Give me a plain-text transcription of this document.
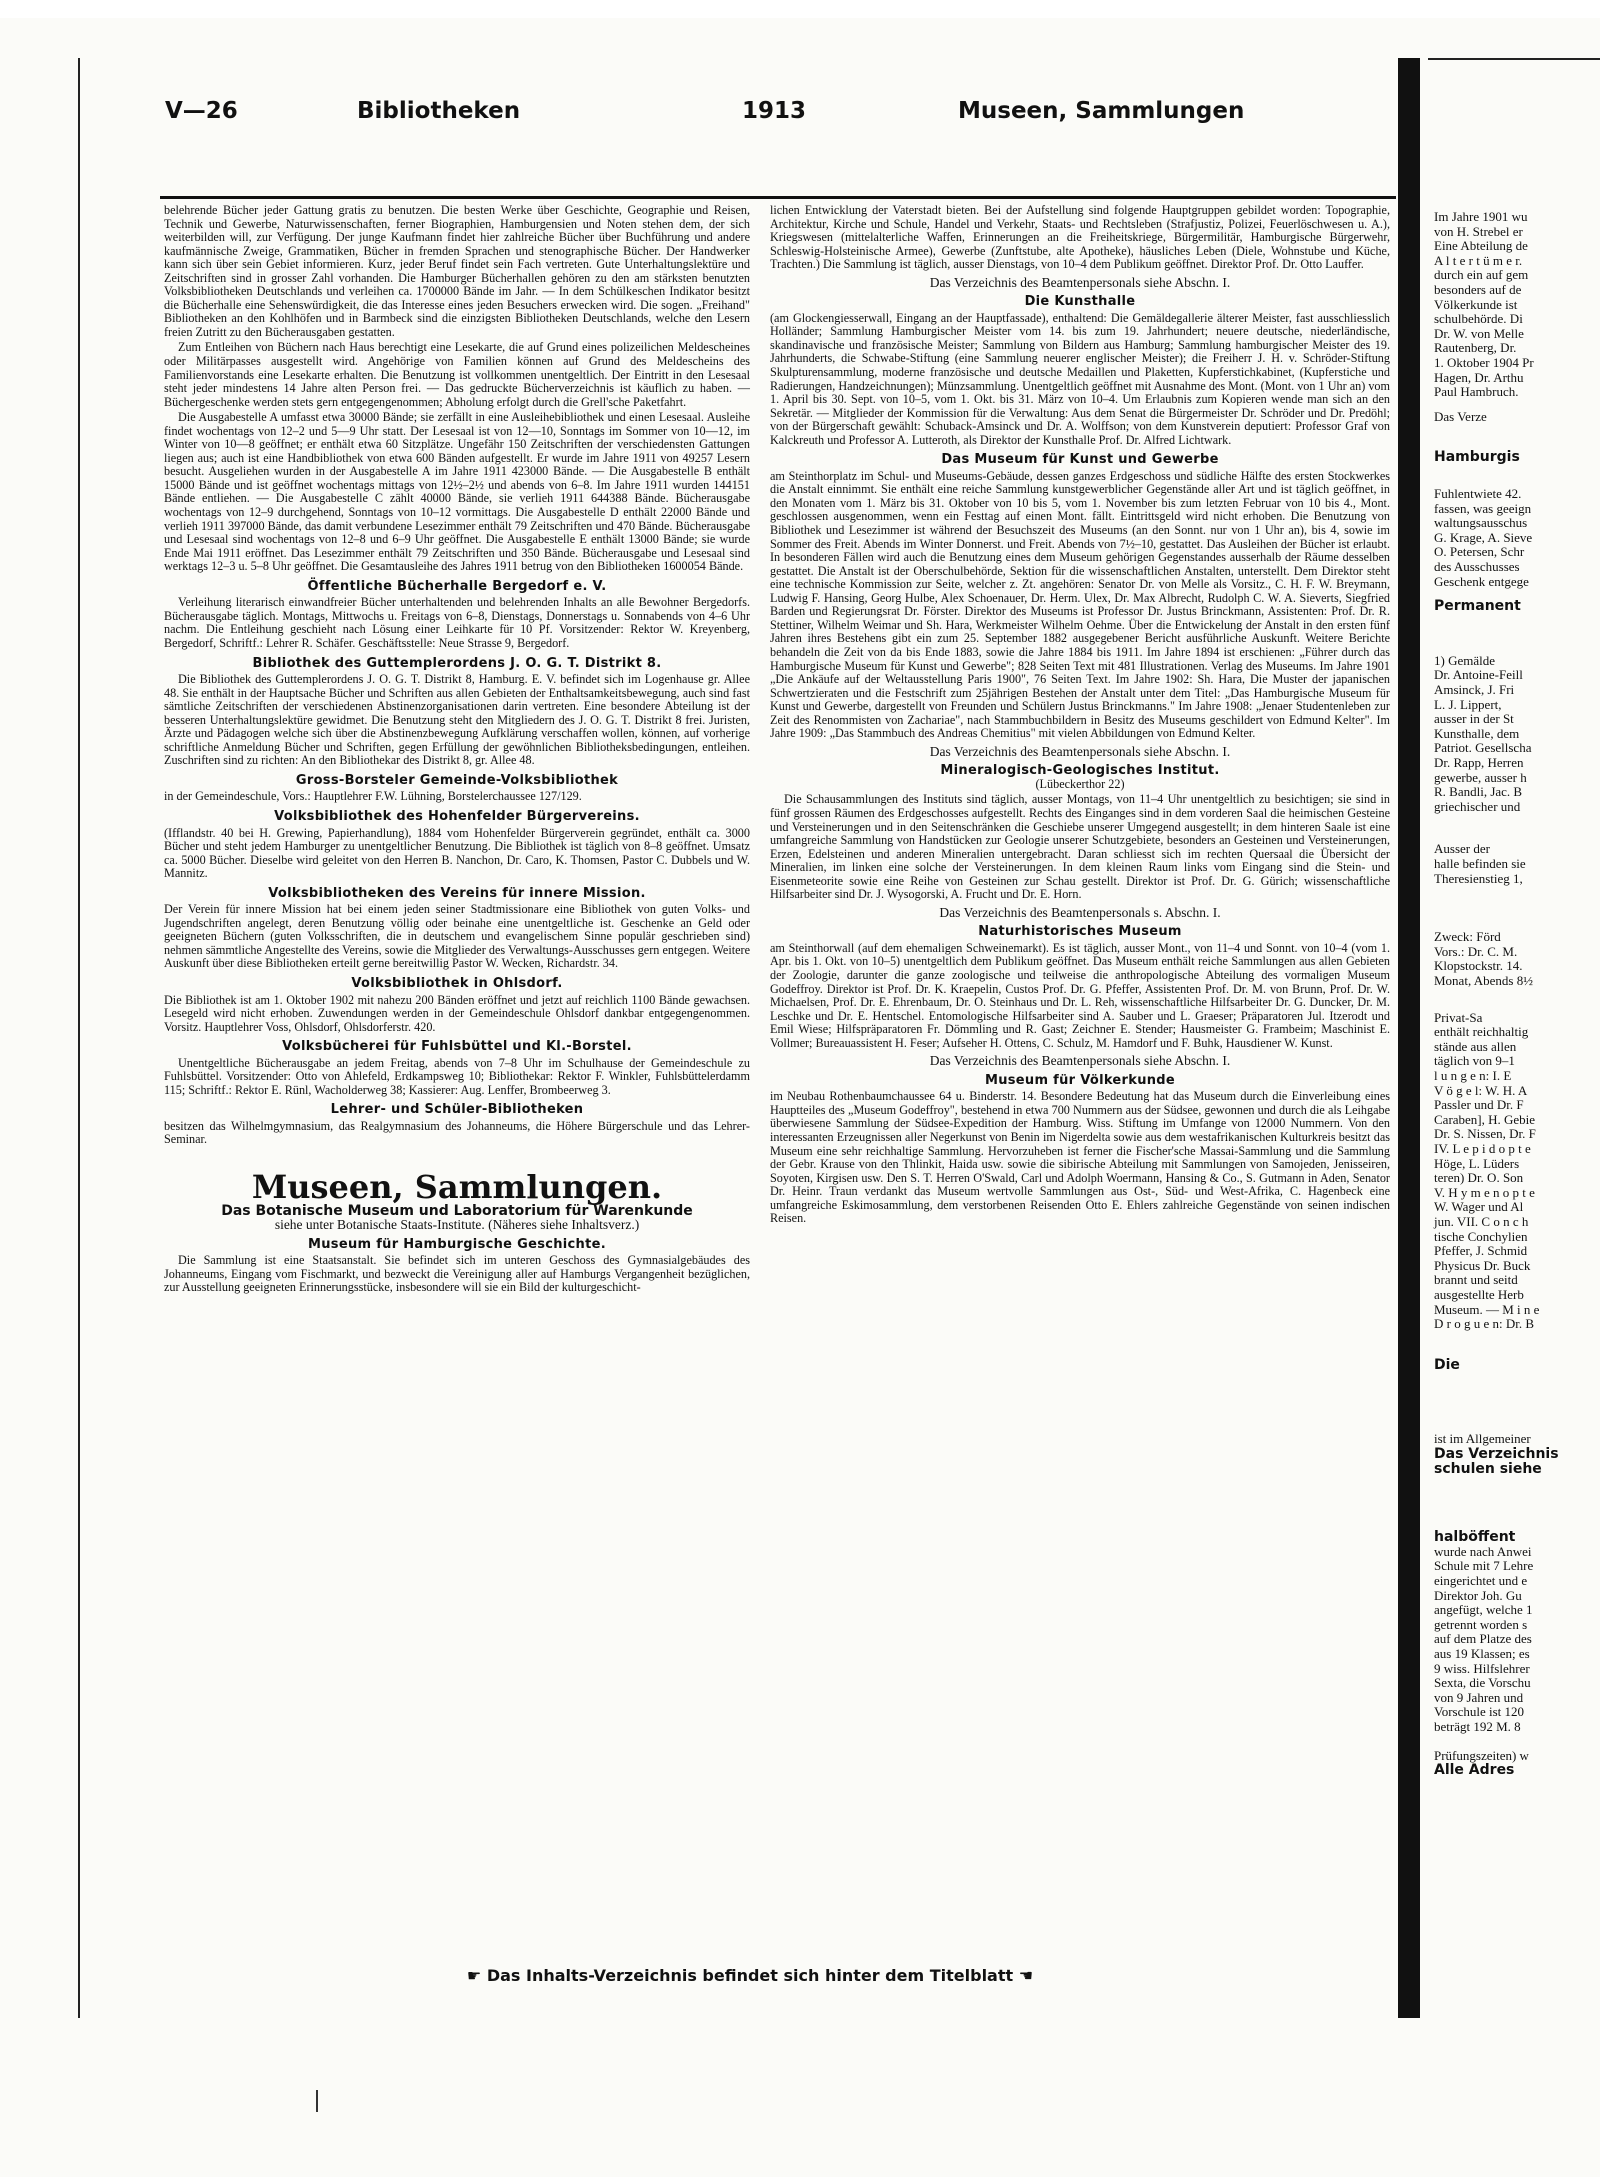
V—26	Bibliotheken	1913	Museen, Sammlungen

belehrende Bücher jeder Gattung gratis zu benutzen. Die besten Werke über Geschichte, Geographie und Reisen, Technik und Gewerbe, Naturwissenschaften, ferner Biographien, Hamburgensien und Noten stehen dem, der sich weiterbilden will, zur Verfügung. Der junge Kaufmann findet hier zahlreiche Bücher über Buchführung und andere kaufmännische Zweige, Grammatiken, Bücher in fremden Sprachen und stenographische Bücher. Der Handwerker kann sich über sein Gebiet informieren. Kurz, jeder Beruf findet sein Fach vertreten. Gute Unterhaltungslektüre und Zeitschriften sind in grosser Zahl vorhanden. Die Hamburger Bücherhallen gehören zu den am stärksten benutzten Volksbibliotheken Deutschlands und verleihen ca. 1700000 Bände im Jahr. — In dem Schülkeschen Indikator besitzt die Bücherhalle eine Sehenswürdigkeit, die das Interesse eines jeden Besuchers erwecken wird. Die sogen. „Freihand" Bibliotheken an den Kohlhöfen und in Barmbeck sind die einzigsten Bibliotheken Deutschlands, welche den Lesern freien Zutritt zu den Bücherausgaben gestatten.

Zum Entleihen von Büchern nach Haus berechtigt eine Lesekarte, die auf Grund eines polizeilichen Meldescheines oder Militärpasses ausgestellt wird. Angehörige von Familien können auf Grund des Meldescheins des Familienvorstands eine Lesekarte erhalten. Die Benutzung ist vollkommen unentgeltlich. Der Eintritt in den Lesesaal steht jeder mindestens 14 Jahre alten Person frei. — Das gedruckte Bücherverzeichnis ist käuflich zu haben. — Büchergeschenke werden stets gern entgegengenommen; Abholung erfolgt durch die Grell'sche Paketfahrt.

Die Ausgabestelle A umfasst etwa 30000 Bände; sie zerfällt in eine Ausleihebibliothek und einen Lesesaal. Ausleihe findet wochentags von 12–2 und 5—9 Uhr statt. Der Lesesaal ist von 12—10, Sonntags im Sommer von 10—12, im Winter von 10—8 geöffnet; er enthält etwa 60 Sitzplätze. Ungefähr 150 Zeitschriften der verschiedensten Gattungen liegen aus; auch ist eine Handbibliothek von etwa 600 Bänden aufgestellt. Er wurde im Jahre 1911 von 49257 Lesern besucht. Ausgeliehen wurden in der Ausgabestelle A im Jahre 1911 423000 Bände. — Die Ausgabestelle B enthält 15000 Bände und ist geöffnet wochentags mittags von 12½–2½ und abends von 6–8. Im Jahre 1911 wurden 144151 Bände entliehen. — Die Ausgabestelle C zählt 40000 Bände, sie verlieh 1911 644388 Bände. Bücherausgabe wochentags von 12–9 durchgehend, Sonntags von 10–12 vormittags. Die Ausgabestelle D enthält 22000 Bände und verlieh 1911 397000 Bände, das damit verbundene Lesezimmer enthält 79 Zeitschriften und 470 Bände. Bücherausgabe und Lesesaal sind wochentags von 12–8 und 6–9 Uhr geöffnet. Die Ausgabestelle E enthält 13000 Bände; sie wurde Ende Mai 1911 eröffnet. Das Lesezimmer enthält 79 Zeitschriften und 350 Bände. Bücherausgabe und Lesesaal sind werktags 12–3 u. 5–8 Uhr geöffnet. Die Gesamtausleihe des Jahres 1911 betrug von den Bibliotheken 1600054 Bände.

Öffentliche Bücherhalle Bergedorf e. V.

Verleihung literarisch einwandfreier Bücher unterhaltenden und belehrenden Inhalts an alle Bewohner Bergedorfs. Bücherausgabe täglich. Montags, Mittwochs u. Freitags von 6–8, Dienstags, Donnerstags u. Sonnabends von 4–6 Uhr nachm. Die Entleihung geschieht nach Lösung einer Leihkarte für 10 Pf. Vorsitzender: Rektor W. Kreyenberg, Bergedorf, Schriftf.: Lehrer R. Schäfer. Geschäftsstelle: Neue Strasse 9, Bergedorf.

Bibliothek des Guttemplerordens J. O. G. T. Distrikt 8.

Die Bibliothek des Guttemplerordens J. O. G. T. Distrikt 8, Hamburg. E. V. befindet sich im Logenhause gr. Allee 48. Sie enthält in der Hauptsache Bücher und Schriften aus allen Gebieten der Enthaltsamkeitsbewegung, auch sind fast sämtliche Zeitschriften der verschiedenen Abstinenzorganisationen darin vertreten. Eine besondere Abteilung ist der besseren Unterhaltungslektüre gewidmet. Die Benutzung steht den Mitgliedern des J. O. G. T. Distrikt 8 frei. Juristen, Ärzte und Pädagogen welche sich über die Abstinenzbewegung Aufklärung verschaffen wollen, können, auf vorherige schriftliche Anmeldung Bücher und Schriften, gegen Erfüllung der gewöhnlichen Bibliotheksbedingungen, entleihen. Zuschriften sind zu richten: An den Bibliothekar des Distrikt 8, gr. Allee 48.

Gross-Borsteler Gemeinde-Volksbibliothek

in der Gemeindeschule, Vors.: Hauptlehrer F.W. Lühning, Borstelerchaussee 127/129.

Volksbibliothek des Hohenfelder Bürgervereins.

(Ifflandstr. 40 bei H. Grewing, Papierhandlung), 1884 vom Hohenfelder Bürgerverein gegründet, enthält ca. 3000 Bücher und steht jedem Hamburger zu unentgeltlicher Benutzung. Die Bibliothek ist täglich von 8–8 geöffnet. Umsatz ca. 5000 Bücher. Dieselbe wird geleitet von den Herren B. Nanchon, Dr. Caro, K. Thomsen, Pastor C. Dubbels und W. Mannitz.

Volksbibliotheken des Vereins für innere Mission.

Der Verein für innere Mission hat bei einem jeden seiner Stadtmissionare eine Bibliothek von guten Volks- und Jugendschriften angelegt, deren Benutzung völlig oder beinahe eine unentgeltliche ist. Geschenke an Geld oder geeigneten Büchern (guten Volksschriften, die in deutschem und evangelischem Sinne populär geschrieben sind) nehmen sämmtliche Angestellte des Vereins, sowie die Mitglieder des Verwaltungs-Ausschusses gern entgegen. Weitere Auskunft über diese Bibliotheken erteilt gerne bereitwillig Pastor W. Wecken, Richardstr. 34.

Volksbibliothek in Ohlsdorf.

Die Bibliothek ist am 1. Oktober 1902 mit nahezu 200 Bänden eröffnet und jetzt auf reichlich 1100 Bände gewachsen. Lesegeld wird nicht erhoben. Zuwendungen werden in der Gemeindeschule Ohlsdorf dankbar entgegengenommen. Vorsitz. Hauptlehrer Voss, Ohlsdorf, Ohlsdorferstr. 420.

Volksbücherei für Fuhlsbüttel und Kl.-Borstel.

Unentgeltliche Bücherausgabe an jedem Freitag, abends von 7–8 Uhr im Schulhause der Gemeindeschule zu Fuhlsbüttel. Vorsitzender: Otto von Ahlefeld, Erdkampsweg 10; Bibliothekar: Rektor F. Winkler, Fuhlsbüttelerdamm 115; Schriftf.: Rektor E. Rünl, Wacholderweg 38; Kassierer: Aug. Lenffer, Brombeerweg 3.

Lehrer- und Schüler-Bibliotheken

besitzen das Wilhelmgymnasium, das Realgymnasium des Johanneums, die Höhere Bürgerschule und das Lehrer-Seminar.

Museen, Sammlungen.
Das Botanische Museum und Laboratorium für Warenkunde

siehe unter Botanische Staats-Institute. (Näheres siehe Inhaltsverz.)

Museum für Hamburgische Geschichte.

Die Sammlung ist eine Staatsanstalt. Sie befindet sich im unteren Geschoss des Gymnasialgebäudes des Johanneums, Eingang vom Fischmarkt, und bezweckt die Vereinigung aller auf Hamburgs Vergangenheit bezüglichen, zur Ausstellung geeigneten Erinnerungsstücke, insbesondere will sie ein Bild der kulturgeschicht-

lichen Entwicklung der Vaterstadt bieten. Bei der Aufstellung sind folgende Hauptgruppen gebildet worden: Topographie, Architektur, Kirche und Schule, Handel und Verkehr, Staats- und Rechtsleben (Strafjustiz, Polizei, Feuerlöschwesen u. A.), Kriegswesen (mittelalterliche Waffen, Erinnerungen an die Freiheitskriege, Bürgermilitär, Hamburgische Bürgerwehr, Schleswig-Holsteinische Armee), Gewerbe (Zunftstube, alte Apotheke), häusliches Leben (Diele, Wohnstube und Küche, Trachten.) Die Sammlung ist täglich, ausser Dienstags, von 10–4 dem Publikum geöffnet. Direktor Prof. Dr. Otto Lauffer.

Das Verzeichnis des Beamtenpersonals siehe Abschn. I.
Die Kunsthalle

(am Glockengiesserwall, Eingang an der Hauptfassade), enthaltend: Die Gemäldegallerie älterer Meister, fast ausschliesslich Holländer; Sammlung Hamburgischer Meister vom 14. bis zum 19. Jahrhundert; neuere deutsche, niederländische, skandinavische und französische Meister; Sammlung von Bildern aus Hamburg; Sammlung hamburgischer Meister des 19. Jahrhunderts, die Schwabe-Stiftung (eine Sammlung neuerer englischer Meister); die Freiherr J. H. v. Schröder-Stiftung Skulpturensammlung, moderne französische und deutsche Medaillen und Plaketten, Kupferstichkabinet, (Kupferstiche und Radierungen, Handzeichnungen); Münzsammlung. Unentgeltlich geöffnet mit Ausnahme des Mont. (Mont. von 1 Uhr an) vom 1. April bis 30. Sept. von 10–5, vom 1. Okt. bis 31. März von 10–4. Um Erlaubnis zum Kopieren wende man sich an den Sekretär. — Mitglieder der Kommission für die Verwaltung: Aus dem Senat die Bürgermeister Dr. Schröder und Dr. Predöhl; von der Bürgerschaft gewählt: Schuback-Amsinck und Dr. A. Wolffson; von dem Kunstverein deputiert: Professor Graf von Kalckreuth und Professor A. Lutteroth, als Direktor der Kunsthalle Prof. Dr. Alfred Lichtwark.

Das Museum für Kunst und Gewerbe

am Steinthorplatz im Schul- und Museums-Gebäude, dessen ganzes Erdgeschoss und südliche Hälfte des ersten Stockwerkes die Anstalt einnimmt. Sie enthält eine reiche Sammlung kunstgewerblicher Gegenstände aller Art und ist täglich geöffnet, in den Monaten vom 1. März bis 31. Oktober von 10 bis 5, vom 1. November bis zum letzten Februar von 10 bis 4., Mont. geschlossen ausgenommen, wenn ein Festtag auf einen Mont. fällt. Eintrittsgeld wird nicht erhoben. Die Benutzung von Bibliothek und Lesezimmer ist während der Besuchszeit des Museums (an den Sonnt. nur von 1 Uhr an), bis 4, sowie im Sommer des Freit. Abends im Winter Donnerst. und Freit. Abends von 7½–10, gestattet. Das Ausleihen der Bücher ist erlaubt. In besonderen Fällen wird auch die Benutzung eines dem Museum gehörigen Gegenstandes ausserhalb der Räume desselben gestattet. Die Anstalt ist der Oberschulbehörde, Sektion für die wissenschaftlichen Anstalten, unterstellt. Dem Direktor steht eine technische Kommission zur Seite, welcher z. Zt. angehören: Senator Dr. von Melle als Vorsitz., C. H. F. W. Breymann, Ludwig F. Hansing, Georg Hulbe, Alex Schoenauer, Dr. Herm. Ulex, Dr. Max Albrecht, Rudolph C. W. A. Sieverts, Siegfried Barden und Regierungsrat Dr. Förster. Direktor des Museums ist Professor Dr. Justus Brinckmann, Assistenten: Prof. Dr. R. Stettiner, Wilhelm Weimar und Sh. Hara, Werkmeister Wilhelm Oehme. Über die Entwickelung der Anstalt in den ersten fünf Jahren ihres Bestehens gibt ein zum 25. September 1882 ausgegebener Bericht ausführliche Auskunft. Weitere Berichte behandeln die Zeit von da bis Ende 1883, sowie die Jahre 1884 bis 1911. Im Jahre 1894 ist erschienen: „Führer durch das Hamburgische Museum für Kunst und Gewerbe"; 828 Seiten Text mit 481 Illustrationen. Verlag des Museums. Im Jahre 1901 „Die Ankäufe auf der Weltausstellung Paris 1900", 76 Seiten Text. Im Jahre 1902: Sh. Hara, Die Muster der japanischen Schwertzieraten und die Festschrift zum 25jährigen Bestehen der Anstalt unter dem Titel: „Das Hamburgische Museum für Kunst und Gewerbe, dargestellt von Freunden und Schülern Justus Brinckmanns." Im Jahre 1908: „Jenaer Studentenleben zur Zeit des Renommisten von Zachariae", nach Stammbuchbildern in Besitz des Museums geschildert von Edmund Kelter". Im Jahre 1909: „Das Stammbuch des Andreas Chemitius" mit vielen Abbildungen von Edmund Kelter.

Das Verzeichnis des Beamtenpersonals siehe Abschn. I.
Mineralogisch-Geologisches Institut.

(Lübeckerthor 22)

Die Schausammlungen des Instituts sind täglich, ausser Montags, von 11–4 Uhr unentgeltlich zu besichtigen; sie sind in fünf grossen Räumen des Erdgeschosses aufgestellt. Rechts des Einganges sind in dem vorderen Saal die heimischen Gesteine und Versteinerungen und in den Seitenschränken die Geschiebe unserer Umgegend ausgestellt; in dem hinteren Saale ist eine umfangreiche Sammlung von Handstücken zur Geologie unserer Schutzgebiete, besonders an Gesteinen und Versteinerungen, Erzen, Edelsteinen und anderen Mineralien untergebracht. Daran schliesst sich im rechten Quersaal die Übersicht der Mineralien, im linken eine solche der Versteinerungen. In dem kleinen Raum links vom Eingang sind die Stein- und Eisenmeteorite sowie eine Reihe von Gesteinen zur Schau gestellt. Direktor ist Prof. Dr. G. Gürich; wissenschaftliche Hilfsarbeiter sind Dr. J. Wysogorski, A. Frucht und Dr. E. Horn.

Das Verzeichnis des Beamtenpersonals s. Abschn. I.
Naturhistorisches Museum

am Steinthorwall (auf dem ehemaligen Schweinemarkt). Es ist täglich, ausser Mont., von 11–4 und Sonnt. von 10–4 (vom 1. Apr. bis 1. Okt. von 10–5) unentgeltlich dem Publikum geöffnet. Das Museum enthält reiche Sammlungen aus allen Gebieten der Zoologie, darunter die ganze zoologische und teilweise die anthropologische Abteilung des vormaligen Museum Godeffroy. Direktor ist Prof. Dr. K. Kraepelin, Custos Prof. Dr. G. Pfeffer, Assistenten Prof. Dr. M. von Brunn, Prof. Dr. W. Michaelsen, Prof. Dr. E. Ehrenbaum, Dr. O. Steinhaus und Dr. L. Reh, wissenschaftliche Hilfsarbeiter Dr. G. Duncker, Dr. M. Leschke und Dr. E. Hentschel. Entomologische Hilfsarbeiter sind A. Sauber und L. Graeser; Präparatoren Jul. Itzerodt und Emil Wiese; Hilfspräparatoren Fr. Dömmling und R. Gast; Zeichner E. Stender; Hausmeister G. Frambeim; Maschinist E. Vollmer; Bureauassistent H. Feser; Aufseher H. Ottens, C. Schulz, M. Hamdorf und F. Buhk, Hausdiener W. Kunst.

Das Verzeichnis des Beamtenpersonals siehe Abschn. I.
Museum für Völkerkunde

im Neubau Rothenbaumchaussee 64 u. Binderstr. 14. Besondere Bedeutung hat das Museum durch die Einverleibung eines Hauptteiles des „Museum Godeffroy", bestehend in etwa 700 Nummern aus der Südsee, gewonnen und durch die als Leihgabe überwiesene Sammlung der Südsee-Expedition der Hamburg. Wiss. Stiftung im Umfange von 12000 Nummern. Von den interessanten Erzeugnissen aller Negerkunst von Benin im Nigerdelta sowie aus dem westafrikanischen Kulturkreis besitzt das Museum eine sehr reichhaltige Sammlung. Hervorzuheben ist ferner die Fischer'sche Massai-Sammlung und die Sammlung der Gebr. Krause von den Thlinkit, Haida usw. sowie die sibirische Abteilung mit Sammlungen von Samojeden, Jenisseiren, Soyoten, Kirgisen usw. Den S. T. Herren O'Swald, Carl und Adolph Woermann, Hansing & Co., S. Gutmann in Aden, Senator Dr. Heinr. Traun verdankt das Museum wertvolle Sammlungen aus Ost-, Süd- und West-Afrika, C. Hagenbeck eine umfangreiche Eskimosammlung, dem verstorbenen Reisenden Otto E. Ehlers zahlreiche Gegenstände von seinen indischen Reisen.

☛ Das Inhalts-Verzeichnis befindet sich hinter dem Titelblatt ☚
Im Jahre 1901 wu
von H. Strebel er
Eine Abteilung de
A l t e r t ü m e r.
durch ein auf gem
besonders auf de
Völkerkunde ist
schulbehörde. Di
Dr. W. von Melle
Rautenberg, Dr.
1. Oktober 1904 Pr
Hagen, Dr. Arthu
Paul Hambruch.
Das Verze
Hamburgis
Fuhlentwiete 42.
fassen, was geeign
waltungsausschus
G. Krage, A. Sieve
O. Petersen, Schr
des Ausschusses
Geschenk entgege
Permanent
1) Gemälde
Dr. Antoine-Feill
Amsinck, J. Fri
L. J. Lippert,
ausser in der St
Kunsthalle, dem
Patriot. Gesellscha
Dr. Rapp, Herren
gewerbe, ausser h
R. Bandli, Jac. B
griechischer und
Ausser der
halle befinden sie
Theresienstieg 1,
Zweck: Förd
Vors.: Dr. C. M.
Klopstockstr. 14.
Monat, Abends 8½
Privat-Sa
enthält reichhaltig
stände aus allen
täglich von 9–1
l u n g e n: I. E
V ö g e l: W. H. A
Passler und Dr. F
Caraben], H. Gebie
Dr. S. Nissen, Dr. F
IV. L e p i d o p t e
Höge, L. Lüders
teren) Dr. O. Son
V. H y m e n o p t e
W. Wager und Al
jun. VII. C o n c h
tische Conchylien
Pfeffer, J. Schmid
Physicus Dr. Buck
brannt und seitd
ausgestellte Herb
Museum. — M i n e
D r o g u e n: Dr. B
Die
ist im Allgemeiner
Das Verzeichnis
schulen siehe
halböffent
wurde nach Anwei
Schule mit 7 Lehre
eingerichtet und e
Direktor Joh. Gu
angefügt, welche 1
getrennt worden s
auf dem Platze des
aus 19 Klassen; es
9 wiss. Hilfslehrer
Sexta, die Vorschu
von 9 Jahren und
Vorschule ist 120
beträgt 192 M. 8
Prüfungszeiten) w
Alle Adres
